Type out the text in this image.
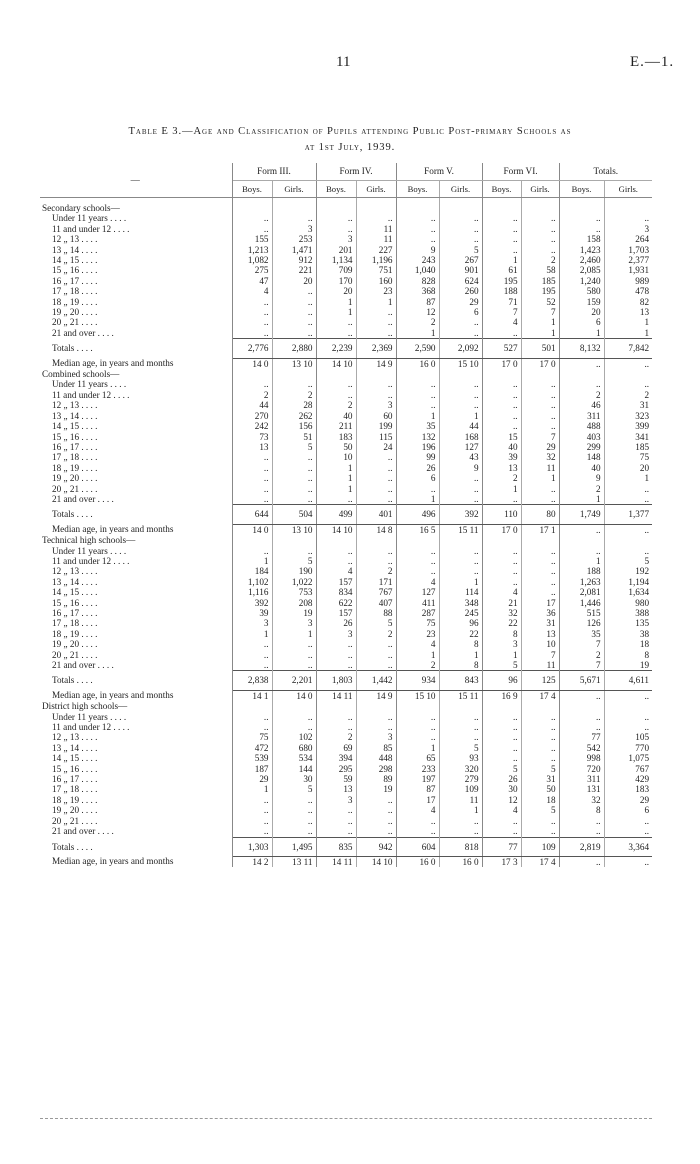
11	E.—1.
Table E 3.—Age and Classification of Pupils attending Public Post-primary Schools as
at 1st July, 1939.
—	Form III.		Form IV.		Form V.		Form VI.		Totals.	
	Boys.	Girls.	Boys.	Girls.	Boys.	Girls.	Boys.	Girls.	Boys.	Girls.

Secondary schools—										
Under 11 years . . . .	..	..	..	..	..	..	..	..	..	..
11 and under 12 . . . .	..	3	..	11	..	..	..	..	..	3
12 „ 13 . . . .	155	253	3	11	..	..	..	..	158	264
13 „ 14 . . . .	1,213	1,471	201	227	9	5	..	..	1,423	1,703
14 „ 15 . . . .	1,082	912	1,134	1,196	243	267	1	2	2,460	2,377
15 „ 16 . . . .	275	221	709	751	1,040	901	61	58	2,085	1,931
16 „ 17 . . . .	47	20	170	160	828	624	195	185	1,240	989
17 „ 18 . . . .	4	..	20	23	368	260	188	195	580	478
18 „ 19 . . . .	..	..	1	1	87	29	71	52	159	82
19 „ 20 . . . .	..	..	1	..	12	6	7	7	20	13
20 „ 21 . . . .	..	..	..	..	2	..	4	1	6	1
21 and over . . . .	..	..	..	..	1	..	..	1	1	1
Totals . . . .	2,776	2,880	2,239	2,369	2,590	2,092	527	501	8,132	7,842
Median age, in years and months	14 0	13 10	14 10	14 9	16 0	15 10	17 0	17 0	..	..
Combined schools—										
Under 11 years . . . .	..	..	..	..	..	..	..	..	..	..
11 and under 12 . . . .	2	2	..	..	..	..	..	..	2	2
12 „ 13 . . . .	44	28	2	3	..	..	..	..	46	31
13 „ 14 . . . .	270	262	40	60	1	1	..	..	311	323
14 „ 15 . . . .	242	156	211	199	35	44	..	..	488	399
15 „ 16 . . . .	73	51	183	115	132	168	15	7	403	341
16 „ 17 . . . .	13	5	50	24	196	127	40	29	299	185
17 „ 18 . . . .	..	..	10	..	99	43	39	32	148	75
18 „ 19 . . . .	..	..	1	..	26	9	13	11	40	20
19 „ 20 . . . .	..	..	1	..	6	..	2	1	9	1
20 „ 21 . . . .	..	..	1	..	..	..	1	..	2	..
21 and over . . . .	..	..	..	..	1	..	..	..	1	..
Totals . . . .	644	504	499	401	496	392	110	80	1,749	1,377
Median age, in years and months	14 0	13 10	14 10	14 8	16 5	15 11	17 0	17 1	..	..
Technical high schools—										
Under 11 years . . . .	..	..	..	..	..	..	..	..	..	..
11 and under 12 . . . .	1	5	..	..	..	..	..	..	1	5
12 „ 13 . . . .	184	190	4	2	..	..	..	..	188	192
13 „ 14 . . . .	1,102	1,022	157	171	4	1	..	..	1,263	1,194
14 „ 15 . . . .	1,116	753	834	767	127	114	4	..	2,081	1,634
15 „ 16 . . . .	392	208	622	407	411	348	21	17	1,446	980
16 „ 17 . . . .	39	19	157	88	287	245	32	36	515	388
17 „ 18 . . . .	3	3	26	5	75	96	22	31	126	135
18 „ 19 . . . .	1	1	3	2	23	22	8	13	35	38
19 „ 20 . . . .	..	..	..	..	4	8	3	10	7	18
20 „ 21 . . . .	..	..	..	..	1	1	1	7	2	8
21 and over . . . .	..	..	..	..	2	8	5	11	7	19
Totals . . . .	2,838	2,201	1,803	1,442	934	843	96	125	5,671	4,611
Median age, in years and months	14 1	14 0	14 11	14 9	15 10	15 11	16 9	17 4	..	..
District high schools—										
Under 11 years . . . .	..	..	..	..	..	..	..	..	..	..
11 and under 12 . . . .	..	..	..	..	..	..	..	..	..	..
12 „ 13 . . . .	75	102	2	3	..	..	..	..	77	105
13 „ 14 . . . .	472	680	69	85	1	5	..	..	542	770
14 „ 15 . . . .	539	534	394	448	65	93	..	..	998	1,075
15 „ 16 . . . .	187	144	295	298	233	320	5	5	720	767
16 „ 17 . . . .	29	30	59	89	197	279	26	31	311	429
17 „ 18 . . . .	1	5	13	19	87	109	30	50	131	183
18 „ 19 . . . .	..	..	3	..	17	11	12	18	32	29
19 „ 20 . . . .	..	..	..	..	4	1	4	5	8	6
20 „ 21 . . . .	..	..	..	..	..	..	..	..	..	..
21 and over . . . .	..	..	..	..	..	..	..	..	..	..
Totals . . . .	1,303	1,495	835	942	604	818	77	109	2,819	3,364
Median age, in years and months	14 2	13 11	14 11	14 10	16 0	16 0	17 3	17 4	..	..
